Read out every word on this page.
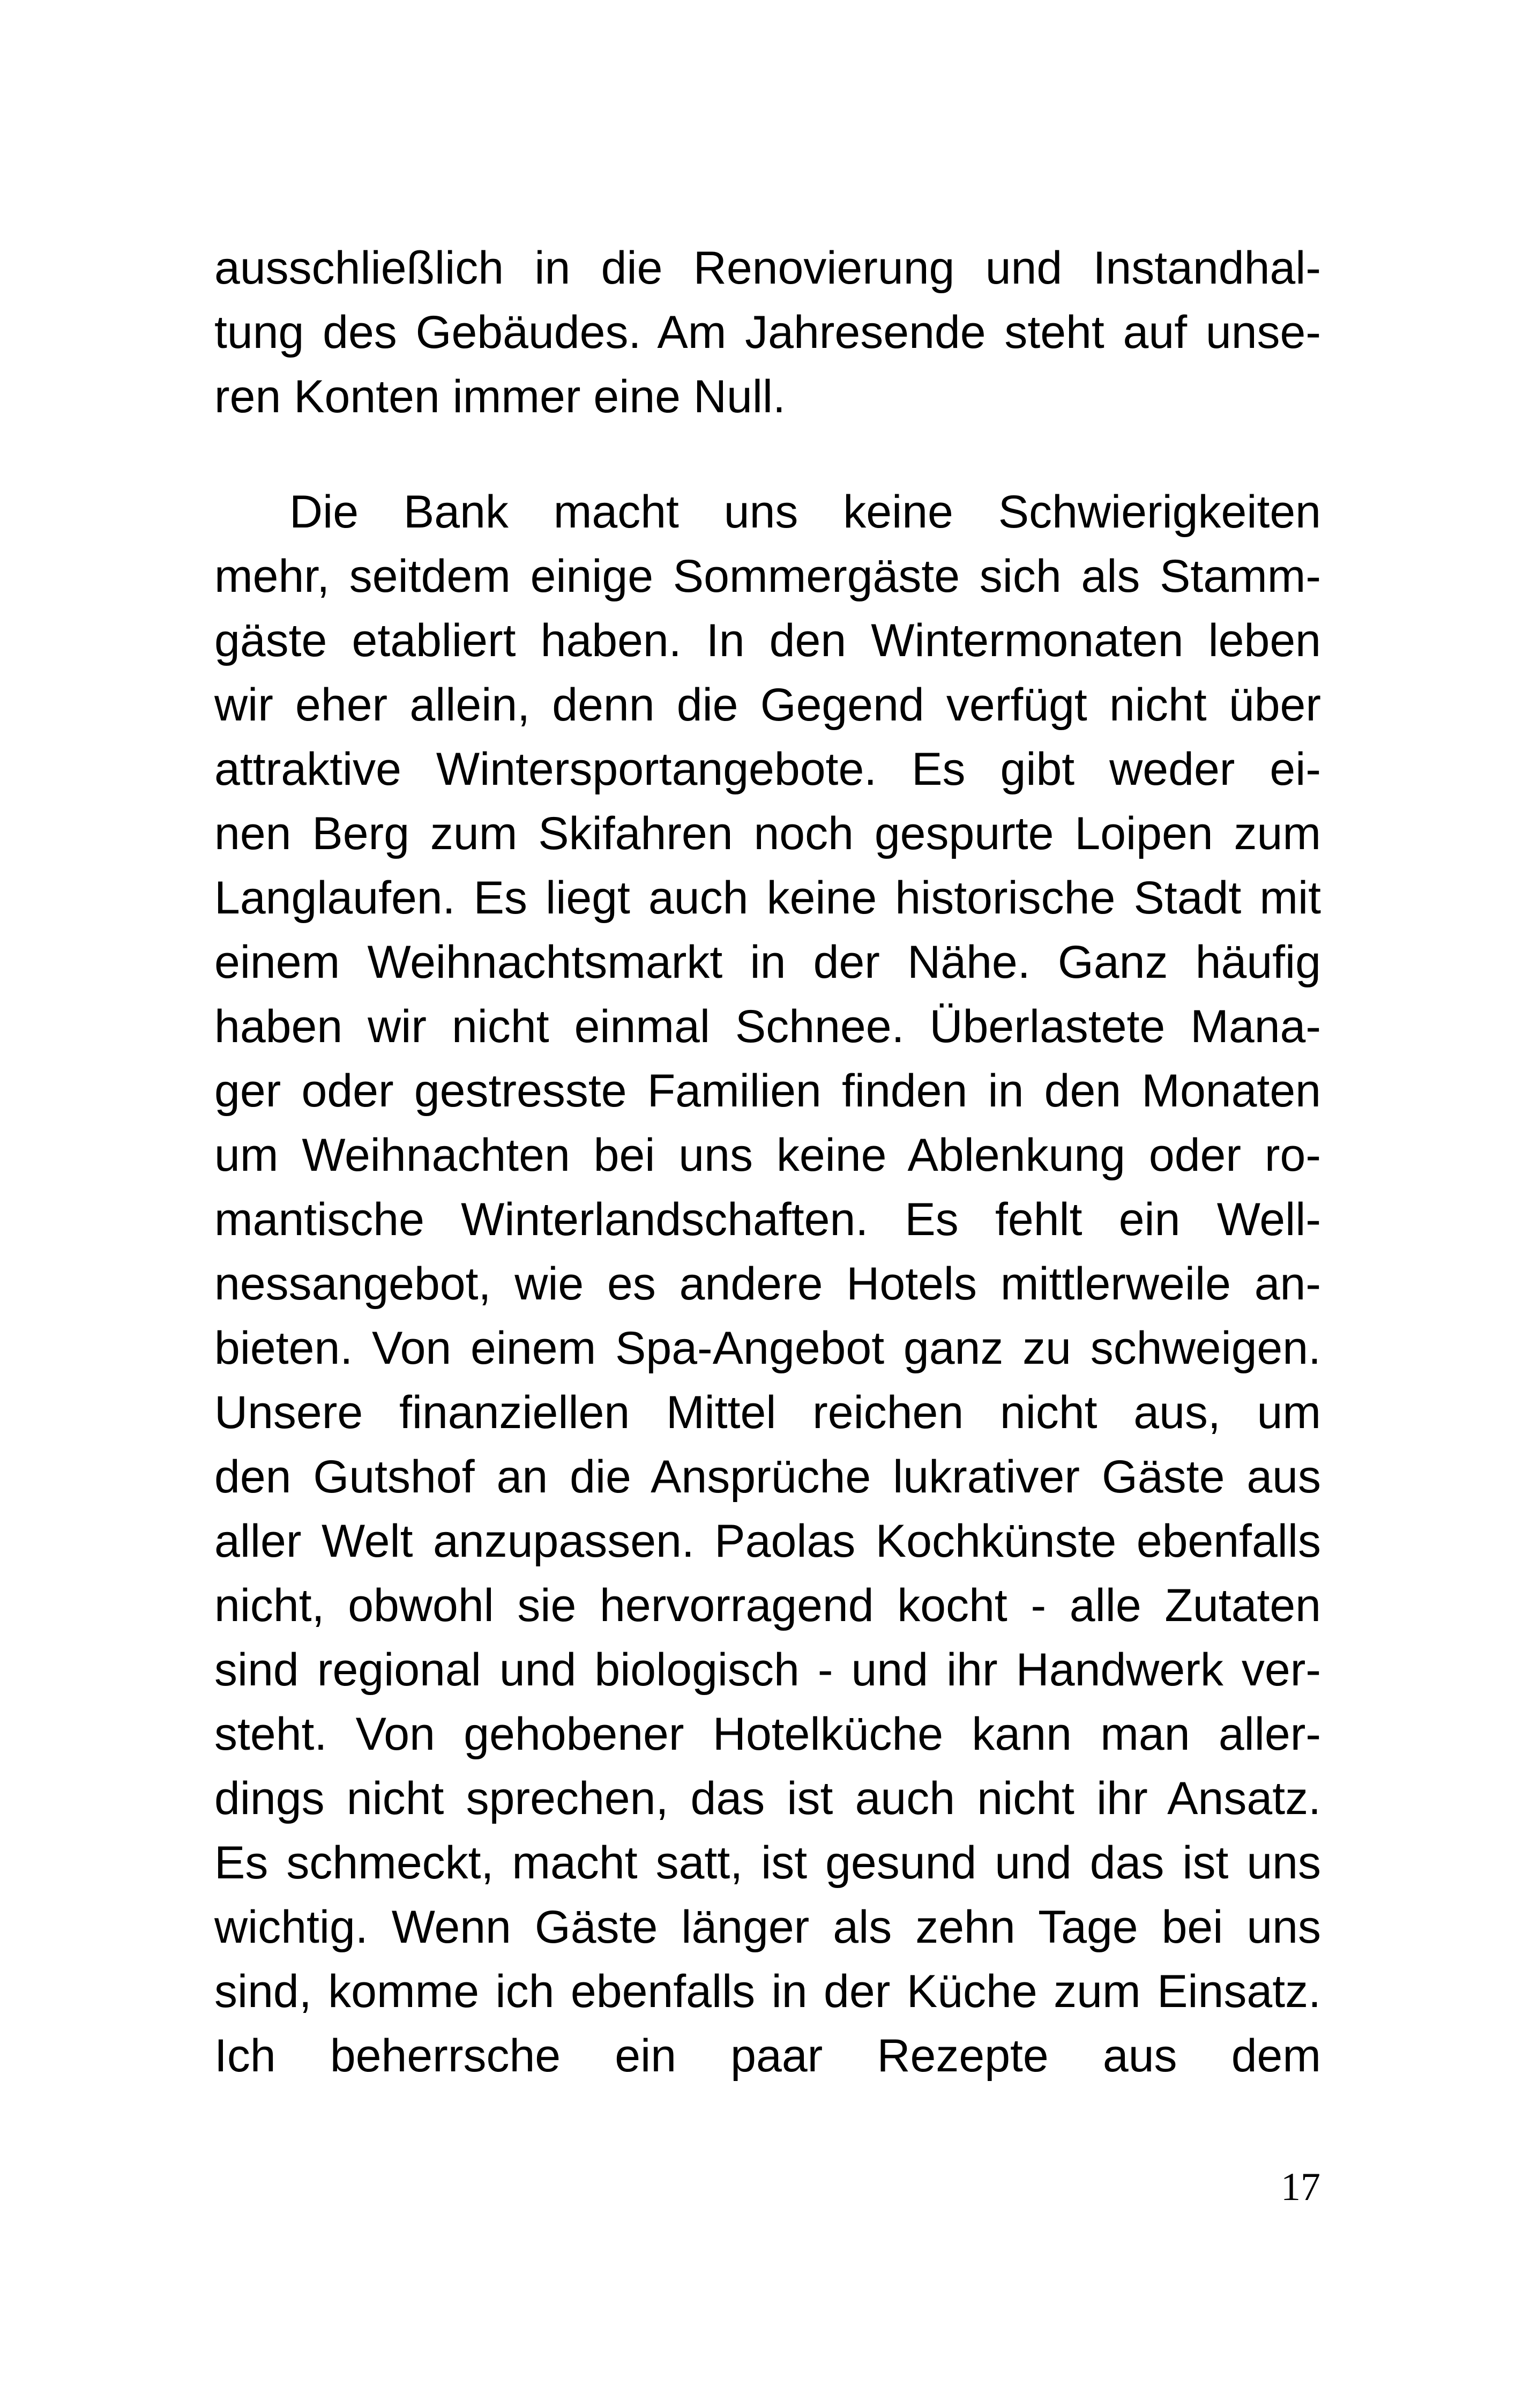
ausschließlich in die Renovierung und Instandhal-
tung des Gebäudes. Am Jahresende steht auf unse-
ren Konten immer eine Null.
Die Bank macht uns keine Schwierigkeiten
mehr, seitdem einige Sommergäste sich als Stamm-
gäste etabliert haben. In den Wintermonaten leben
wir eher allein, denn die Gegend verfügt nicht über
attraktive Wintersportangebote. Es gibt weder ei-
nen Berg zum Skifahren noch gespurte Loipen zum
Langlaufen. Es liegt auch keine historische Stadt mit
einem Weihnachtsmarkt in der Nähe. Ganz häufig
haben wir nicht einmal Schnee. Überlastete Mana-
ger oder gestresste Familien finden in den Monaten
um Weihnachten bei uns keine Ablenkung oder ro-
mantische Winterlandschaften. Es fehlt ein Well-
nessangebot, wie es andere Hotels mittlerweile an-
bieten. Von einem Spa-Angebot ganz zu schweigen.
Unsere finanziellen Mittel reichen nicht aus, um
den Gutshof an die Ansprüche lukrativer Gäste aus
aller Welt anzupassen. Paolas Kochkünste ebenfalls
nicht, obwohl sie hervorragend kocht - alle Zutaten
sind regional und biologisch - und ihr Handwerk ver-
steht. Von gehobener Hotelküche kann man aller-
dings nicht sprechen, das ist auch nicht ihr Ansatz.
Es schmeckt, macht satt, ist gesund und das ist uns
wichtig. Wenn Gäste länger als zehn Tage bei uns
sind, komme ich ebenfalls in der Küche zum Einsatz.
Ich beherrsche ein paar Rezepte aus dem
17
